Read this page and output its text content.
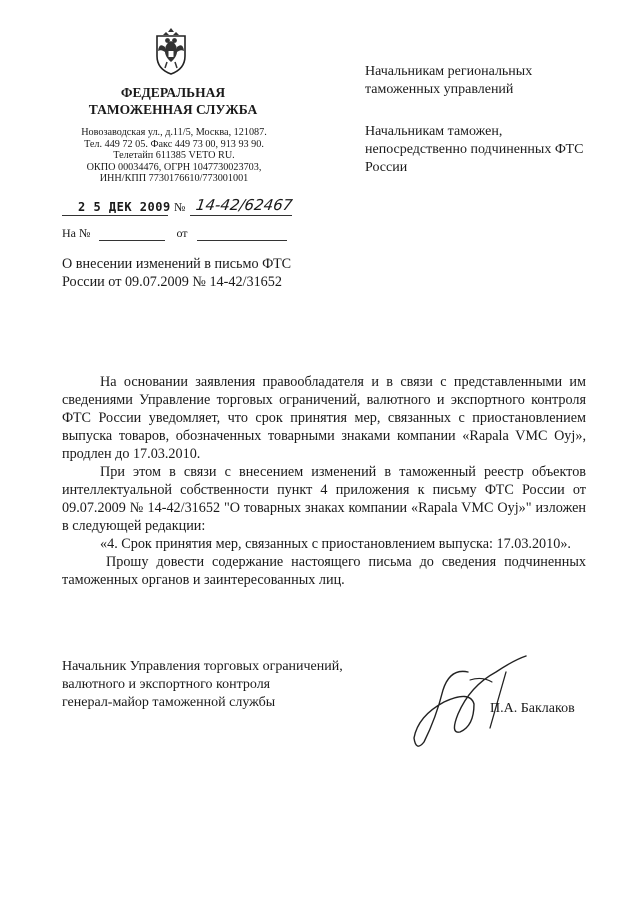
ФЕДЕРАЛЬНАЯ
ТАМОЖЕННАЯ СЛУЖБА
Новозаводская ул., д.11/5, Москва, 121087.
Тел. 449 72 05. Факс 449 73 00, 913 93 90.
Телетайп 611385 VETO RU.
ОКПО 00034476, ОГРН 1047730023703,
ИНН/КПП 7730176610/773001001
2 5 ДЕК 2009 № 14-42/62467
На №	от
Начальникам региональных таможенных управлений
Начальникам таможен, непосредственно подчиненных ФТС России
О внесении изменений в письмо ФТС России от 09.07.2009 № 14-42/31652

На основании заявления правообладателя и в связи с представленными им сведениями Управление торговых ограничений, валютного и экспортного контроля ФТС России уведомляет, что срок принятия мер, связанных с приостановлением выпуска товаров, обозначенных товарными знаками компании «Rapala VMC Oyj», продлен до 17.03.2010.

При этом в связи с внесением изменений в таможенный реестр объектов интеллектуальной собственности пункт 4 приложения к письму ФТС России от 09.07.2009 № 14-42/31652 "О товарных знаках компании «Rapala VMC Oyj»" изложен в следующей редакции:

«4. Срок принятия мер, связанных с приостановлением выпуска: 17.03.2010».

Прошу довести содержание настоящего письма до сведения подчиненных таможенных органов и заинтересованных лиц.

Начальник Управления торговых ограничений,
валютного и экспортного контроля
генерал-майор таможенной службы	П.А. Баклаков
